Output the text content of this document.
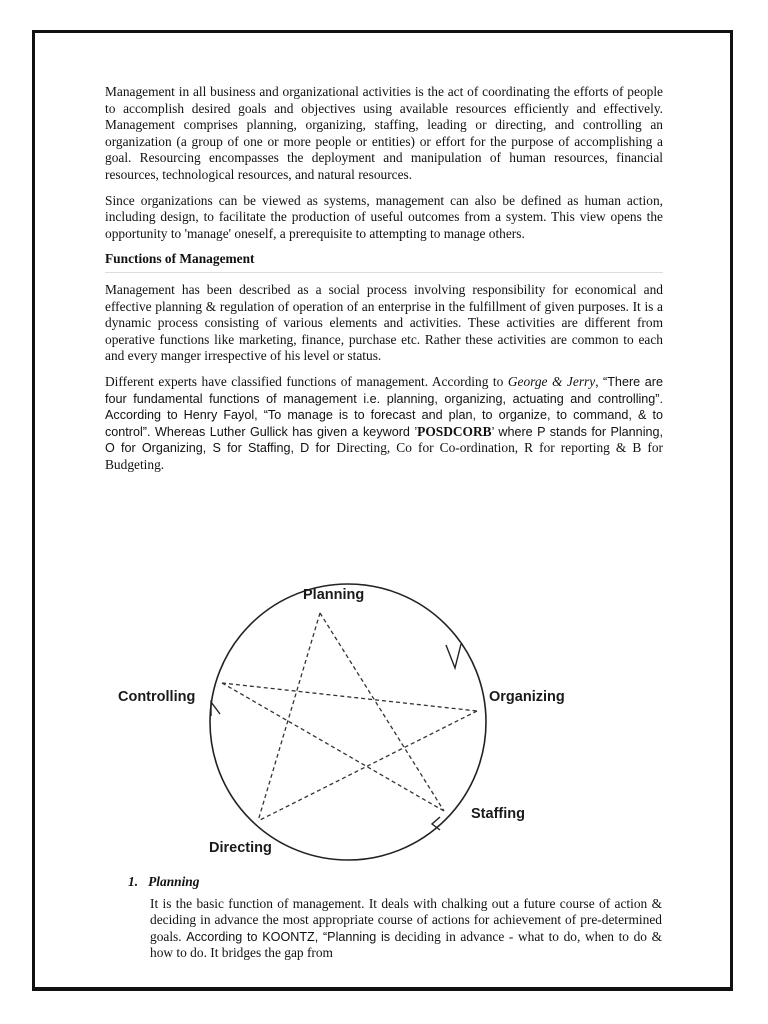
Management in all business and organizational activities is the act of coordinating the efforts of people to accomplish desired goals and objectives using available resources efficiently and effectively. Management comprises planning, organizing, staffing, leading or directing, and controlling an organization (a group of one or more people or entities) or effort for the purpose of accomplishing a goal. Resourcing encompasses the deployment and manipulation of human resources, financial resources, technological resources, and natural resources.

Since organizations can be viewed as systems, management can also be defined as human action, including design, to facilitate the production of useful outcomes from a system. This view opens the opportunity to 'manage' oneself, a prerequisite to attempting to manage others.

Functions of Management

Management has been described as a social process involving responsibility for economical and effective planning & regulation of operation of an enterprise in the fulfillment of given purposes. It is a dynamic process consisting of various elements and activities. These activities are different from operative functions like marketing, finance, purchase etc. Rather these activities are common to each and every manger irrespective of his level or status.

Different experts have classified functions of management. According to George & Jerry, “There are four fundamental functions of management i.e. planning, organizing, actuating and controlling”. According to Henry Fayol, “To manage is to forecast and plan, to organize, to command, & to control”. Whereas Luther Gullick has given a keyword ’POSDCORB’ where P stands for Planning, O for Organizing, S for Staffing, D for Directing, Co for Co-ordination, R for reporting & B for Budgeting.

Planning
Organizing
Staffing
Directing
Controlling

1. Planning

It is the basic function of management. It deals with chalking out a future course of action & deciding in advance the most appropriate course of actions for achievement of pre-determined goals. According to KOONTZ, “Planning is deciding in advance - what to do, when to do & how to do. It bridges the gap from
